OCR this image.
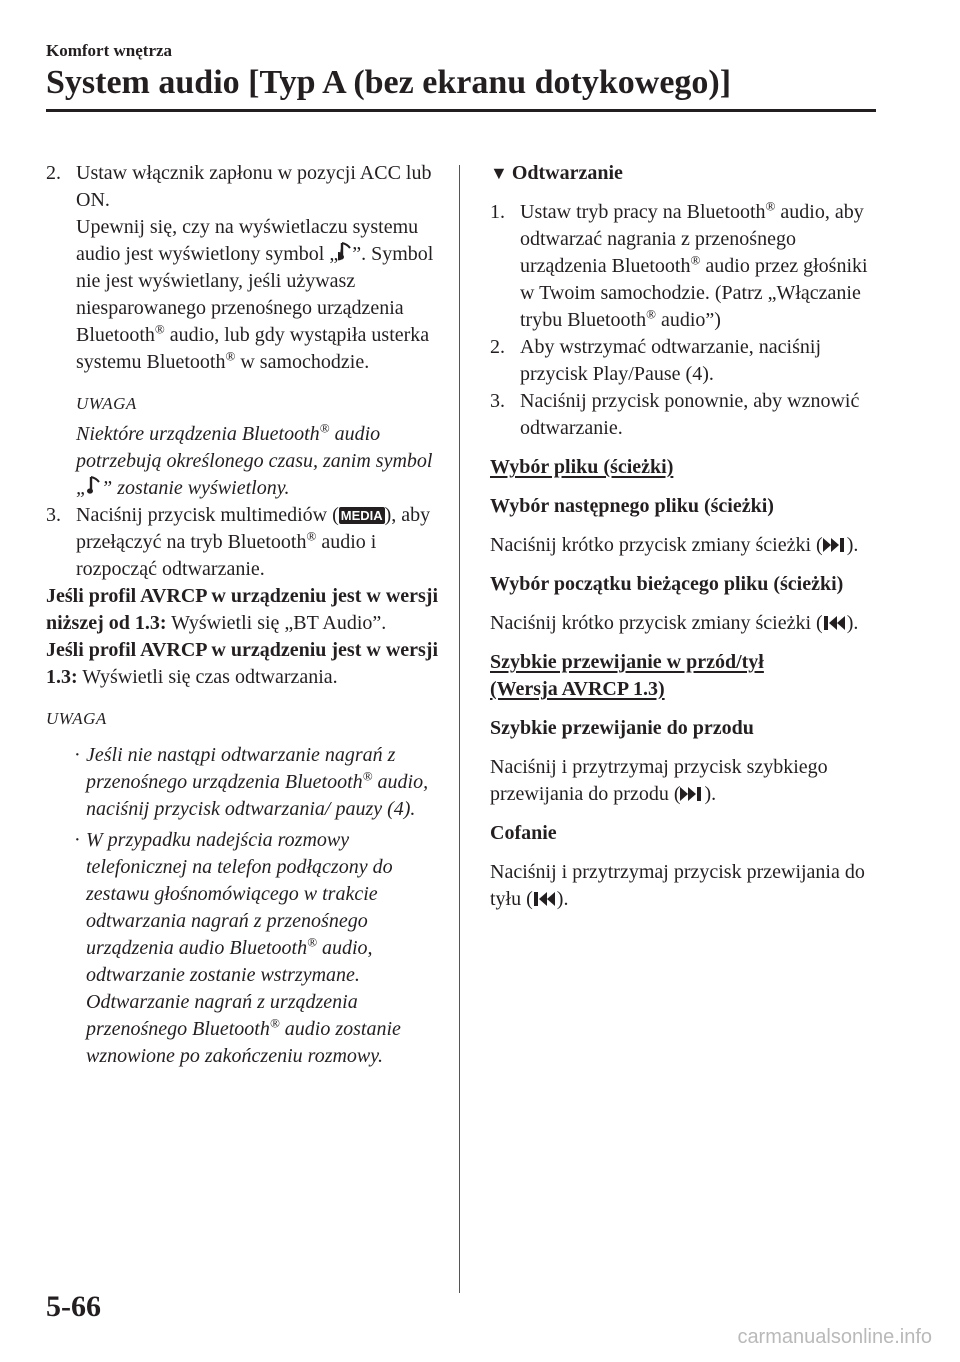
Komfort wnętrza
System audio [Typ A (bez ekranu dotykowego)]
2. Ustaw włącznik zapłonu w pozycji ACC lub ON.

Upewnij się, czy na wyświetlaczu systemu audio jest wyświetlony symbol „ ”. Symbol nie jest wyświetlany, jeśli używasz niesparowanego przenośnego urządzenia Bluetooth® audio, lub gdy wystąpiła usterka systemu Bluetooth® w samochodzie.

UWAGA

Niektóre urządzenia Bluetooth® audio potrzebują określonego czasu, zanim symbol „ ” zostanie wyświetlony.

3. Naciśnij przycisk multimediów ( MEDIA ), aby przełączyć na tryb Bluetooth® audio i rozpocząć odtwarzanie.

Jeśli profil AVRCP w urządzeniu jest w wersji niższej od 1.3: Wyświetli się „BT Audio”.

Jeśli profil AVRCP w urządzeniu jest w wersji 1.3: Wyświetli się czas odtwarzania.

UWAGA
· Jeśli nie nastąpi odtwarzanie nagrań z przenośnego urządzenia Bluetooth® audio, naciśnij przycisk odtwarzania/ pauzy (4).
· W przypadku nadejścia rozmowy telefonicznej na telefon podłączony do zestawu głośnomówiącego w trakcie odtwarzania nagrań z przenośnego urządzenia audio Bluetooth® audio, odtwarzanie zostanie wstrzymane. Odtwarzanie nagrań z urządzenia przenośnego Bluetooth® audio zostanie wznowione po zakończeniu rozmowy.

▼ Odtwarzanie

1. Ustaw tryb pracy na Bluetooth® audio, aby odtwarzać nagrania z przenośnego urządzenia Bluetooth® audio przez głośniki w Twoim samochodzie. (Patrz „Włączanie trybu Bluetooth® audio”)
2. Aby wstrzymać odtwarzanie, naciśnij przycisk Play/Pause (4).
3. Naciśnij przycisk ponownie, aby wznowić odtwarzanie.

Wybór pliku (ścieżki)

Wybór następnego pliku (ścieżki)

Naciśnij krótko przycisk zmiany ścieżki ( ).

Wybór początku bieżącego pliku (ścieżki)

Naciśnij krótko przycisk zmiany ścieżki ( ).

Szybkie przewijanie w przód/tył

(Wersja AVRCP 1.3)

Szybkie przewijanie do przodu

Naciśnij i przytrzymaj przycisk szybkiego przewijania do przodu ( ).

Cofanie

Naciśnij i przytrzymaj przycisk przewijania do tyłu ( ).

5-66
carmanualsonline.info
